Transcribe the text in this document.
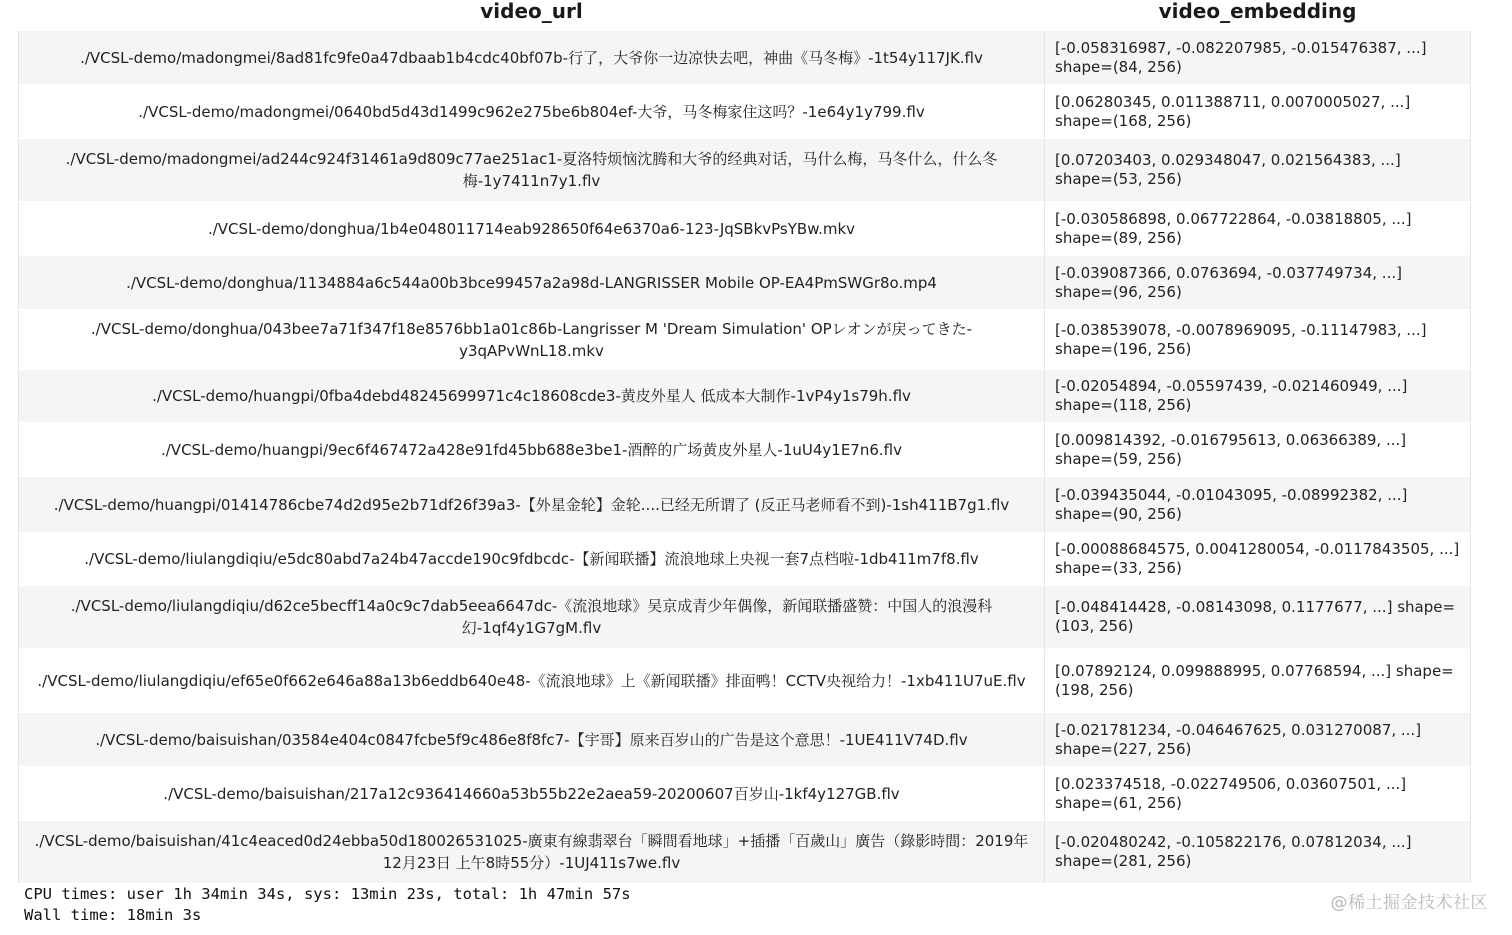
video_url	video_embedding
./VCSL-demo/madongmei/8ad81fc9fe0a47dbaab1b4cdc40bf07b-行了，大爷你一边凉快去吧，神曲《马冬梅》-1t54y117JK.flv	[-0.058316987, -0.082207985, -0.015476387, ...] shape=(84, 256)
./VCSL-demo/madongmei/0640bd5d43d1499c962e275be6b804ef-大爷，马冬梅家住这吗？-1e64y1y799.flv	[0.06280345, 0.011388711, 0.0070005027, ...] shape=(168, 256)
./VCSL-demo/madongmei/ad244c924f31461a9d809c77ae251ac1-夏洛特烦恼沈腾和大爷的经典对话，马什么梅，马冬什么，什么冬梅-1y7411n7y1.flv	[0.07203403, 0.029348047, 0.021564383, ...] shape=(53, 256)
./VCSL-demo/donghua/1b4e048011714eab928650f64e6370a6-123-JqSBkvPsYBw.mkv	[-0.030586898, 0.067722864, -0.03818805, ...] shape=(89, 256)
./VCSL-demo/donghua/1134884a6c544a00b3bce99457a2a98d-LANGRISSER Mobile OP-EA4PmSWGr8o.mp4	[-0.039087366, 0.0763694, -0.037749734, ...] shape=(96, 256)
./VCSL-demo/donghua/043bee7a71f347f18e8576bb1a01c86b-Langrisser M 'Dream Simulation' OPレオンが戻ってきた-y3qAPvWnL18.mkv	[-0.038539078, -0.0078969095, -0.11147983, ...] shape=(196, 256)
./VCSL-demo/huangpi/0fba4debd48245699971c4c18608cde3-黄皮外星人 低成本大制作-1vP4y1s79h.flv	[-0.02054894, -0.05597439, -0.021460949, ...] shape=(118, 256)
./VCSL-demo/huangpi/9ec6f467472a428e91fd45bb688e3be1-酒醉的广场黄皮外星人-1uU4y1E7n6.flv	[0.009814392, -0.016795613, 0.06366389, ...] shape=(59, 256)
./VCSL-demo/huangpi/01414786cbe74d2d95e2b71df26f39a3-【外星金轮】金轮....已经无所谓了 (反正马老师看不到)-1sh411B7g1.flv	[-0.039435044, -0.01043095, -0.08992382, ...] shape=(90, 256)
./VCSL-demo/liulangdiqiu/e5dc80abd7a24b47accde190c9fdbcdc-【新闻联播】流浪地球上央视一套7点档啦-1db411m7f8.flv	[-0.00088684575, 0.0041280054, -0.0117843505, ...] shape=(33, 256)
./VCSL-demo/liulangdiqiu/d62ce5becff14a0c9c7dab5eea6647dc-《流浪地球》吴京成青少年偶像，新闻联播盛赞：中国人的浪漫科幻-1qf4y1G7gM.flv	[-0.048414428, -0.08143098, 0.1177677, ...] shape=(103, 256)
./VCSL-demo/liulangdiqiu/ef65e0f662e646a88a13b6eddb640e48-《流浪地球》上《新闻联播》排面鸭！CCTV央视给力！-1xb411U7uE.flv	[0.07892124, 0.099888995, 0.07768594, ...] shape=(198, 256)
./VCSL-demo/baisuishan/03584e404c0847fcbe5f9c486e8f8fc7-【宇哥】原来百岁山的广告是这个意思！-1UE411V74D.flv	[-0.021781234, -0.046467625, 0.031270087, ...] shape=(227, 256)
./VCSL-demo/baisuishan/217a12c936414660a53b55b22e2aea59-20200607百岁山-1kf4y127GB.flv	[0.023374518, -0.022749506, 0.03607501, ...] shape=(61, 256)
./VCSL-demo/baisuishan/41c4eaced0d24ebba50d180026531025-廣東有線翡翠台「瞬間看地球」+插播「百歲山」廣告（錄影時間：2019年12月23日 上午8時55分）-1UJ411s7we.flv	[-0.020480242, -0.105822176, 0.07812034, ...] shape=(281, 256)
CPU times: user 1h 34min 34s, sys: 13min 23s, total: 1h 47min 57s
Wall time: 18min 3s
@稀土掘金技术社区
